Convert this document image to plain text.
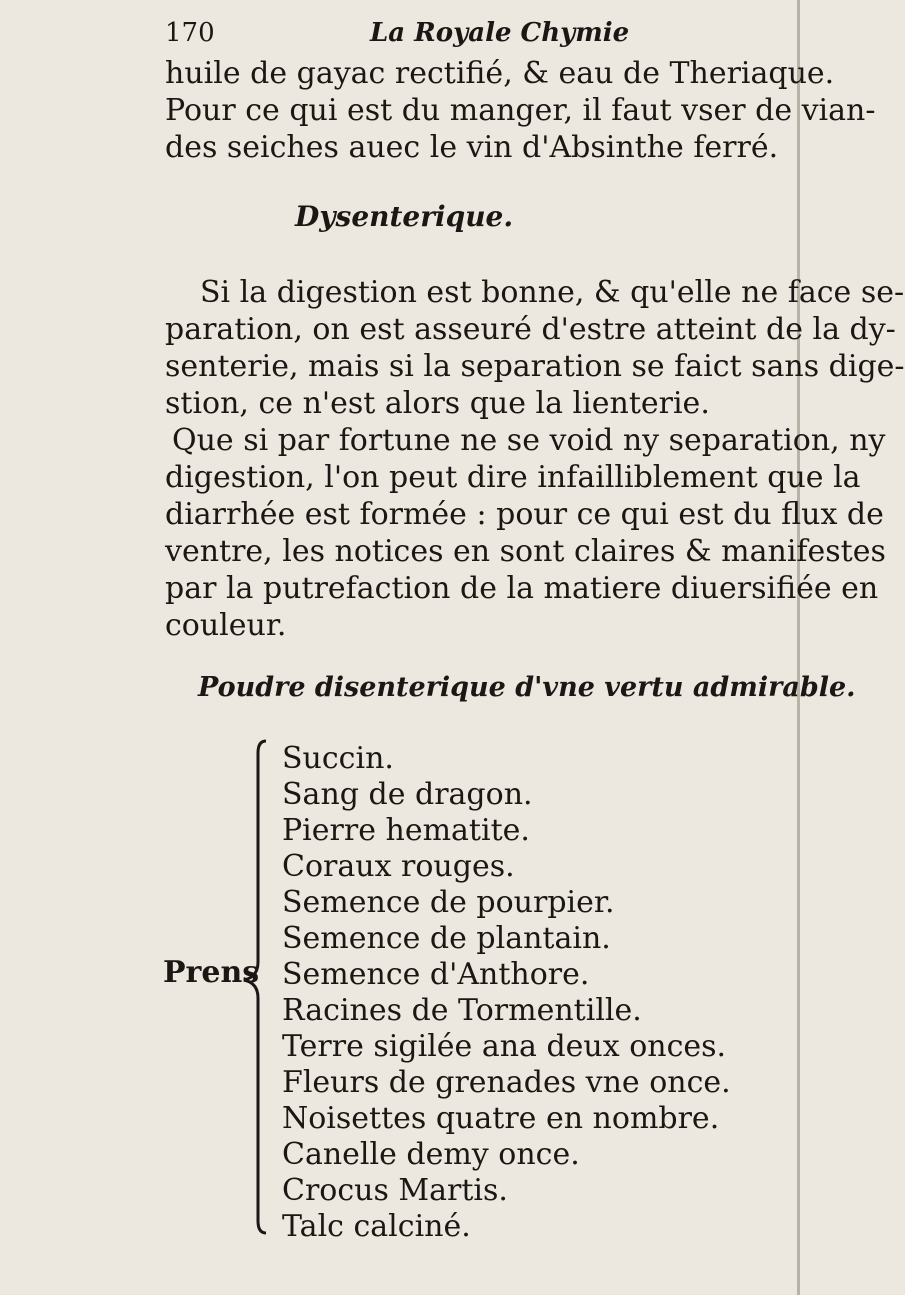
170	La Royale Chymie
huile de gayac rectifié, & eau de Theriaque.
Pour ce qui est du manger, il faut vser de vian-
des seiches auec le vin d'Absinthe ferré.
Dysenterique.
Si la digestion est bonne, & qu'elle ne face se-
paration, on est asseuré d'estre atteint de la dy-
senterie, mais si la separation se faict sans dige-
stion, ce n'est alors que la lienterie.
Que si par fortune ne se void ny separation, ny
digestion, l'on peut dire infailliblement que la
diarrhée est formée : pour ce qui est du flux de
ventre, les notices en sont claires & manifestes
par la putrefaction de la matiere diuersifiée en
couleur.
Poudre disenterique d'vne vertu admirable.
Prens
Succin.
Sang de dragon.
Pierre hematite.
Coraux rouges.
Semence de pourpier.
Semence de plantain.
Semence d'Anthore.
Racines de Tormentille.
Terre sigilée ana deux onces.
Fleurs de grenades vne once.
Noisettes quatre en nombre.
Canelle demy once.
Crocus Martis.
Talc calciné.
